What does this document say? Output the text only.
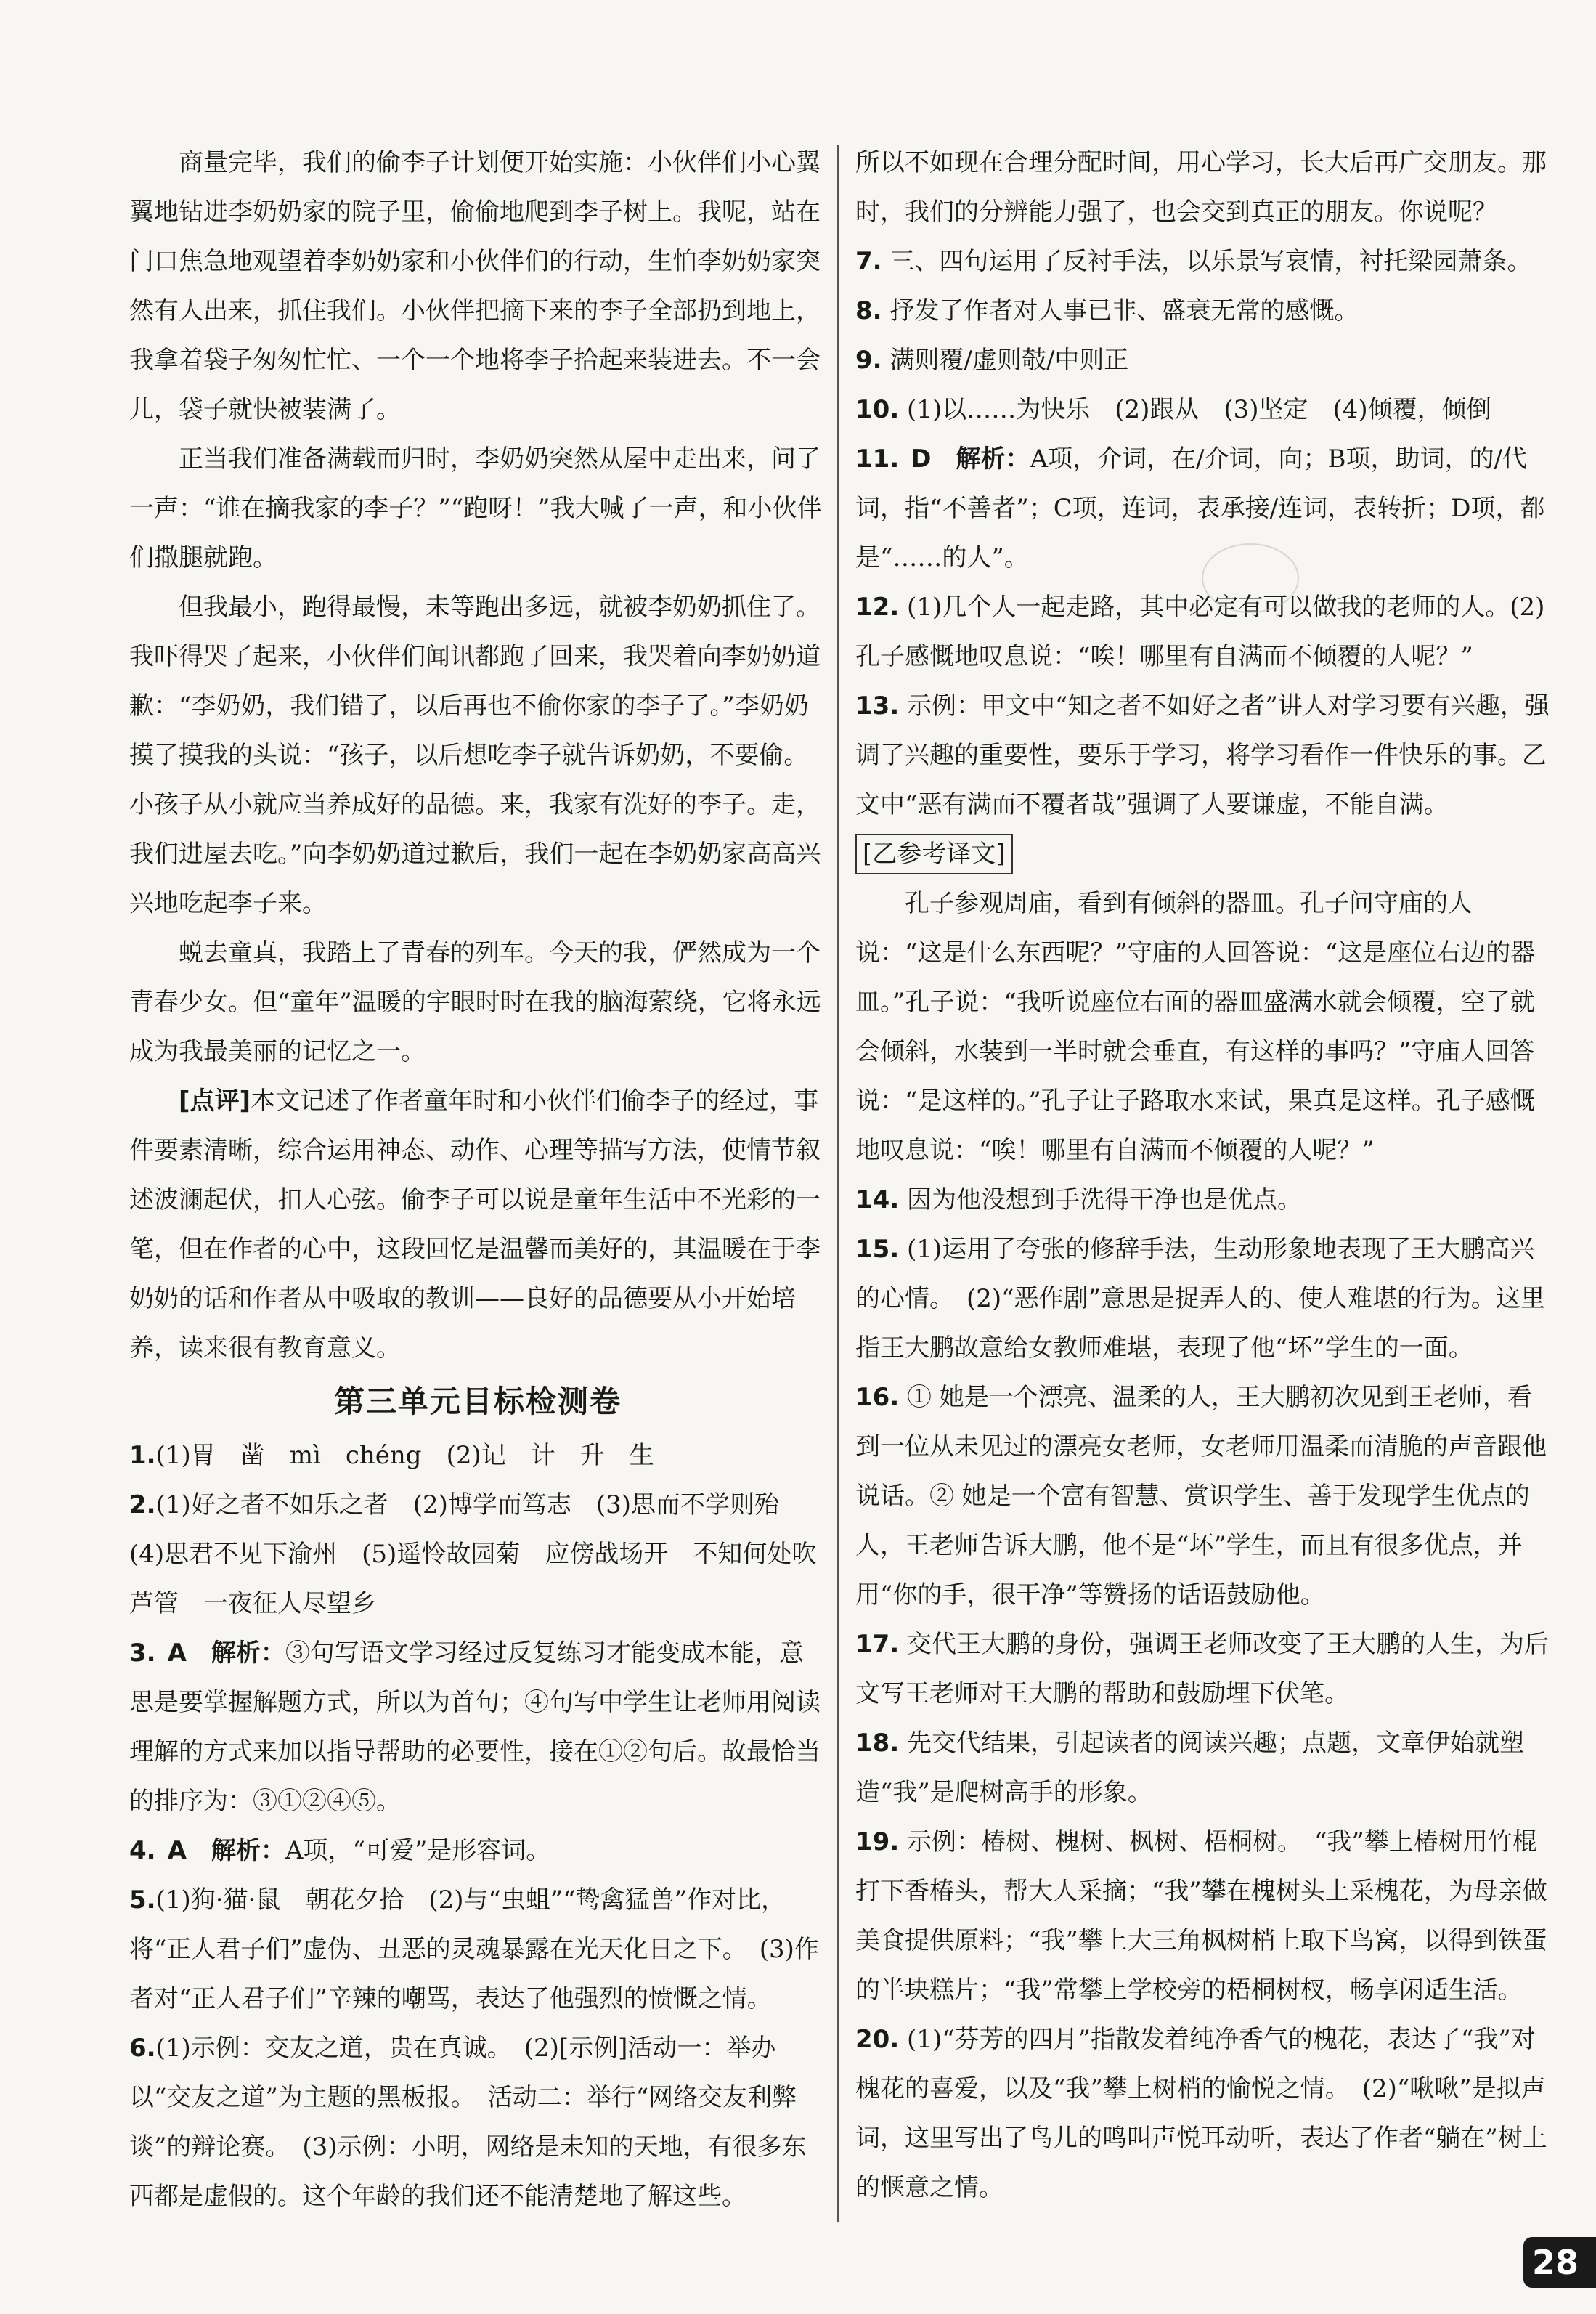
商量完毕，我们的偷李子计划便开始实施：小伙伴们小心翼翼地钻进李奶奶家的院子里，偷偷地爬到李子树上。我呢，站在门口焦急地观望着李奶奶家和小伙伴们的行动，生怕李奶奶家突然有人出来，抓住我们。小伙伴把摘下来的李子全部扔到地上，我拿着袋子匆匆忙忙、一个一个地将李子拾起来装进去。不一会儿，袋子就快被装满了。

正当我们准备满载而归时，李奶奶突然从屋中走出来，问了一声：“谁在摘我家的李子？”“跑呀！”我大喊了一声，和小伙伴们撒腿就跑。

但我最小，跑得最慢，未等跑出多远，就被李奶奶抓住了。我吓得哭了起来，小伙伴们闻讯都跑了回来，我哭着向李奶奶道歉：“李奶奶，我们错了，以后再也不偷你家的李子了。”李奶奶摸了摸我的头说：“孩子，以后想吃李子就告诉奶奶，不要偷。小孩子从小就应当养成好的品德。来，我家有洗好的李子。走，我们进屋去吃。”向李奶奶道过歉后，我们一起在李奶奶家高高兴兴地吃起李子来。

蜕去童真，我踏上了青春的列车。今天的我，俨然成为一个青春少女。但“童年”温暖的宇眼时时在我的脑海萦绕，它将永远成为我最美丽的记忆之一。

[点评]本文记述了作者童年时和小伙伴们偷李子的经过，事件要素清晰，综合运用神态、动作、心理等描写方法，使情节叙述波澜起伏，扣人心弦。偷李子可以说是童年生活中不光彩的一笔，但在作者的心中，这段回忆是温馨而美好的，其温暖在于李奶奶的话和作者从中吸取的教训——良好的品德要从小开始培养，读来很有教育意义。

第三单元目标检测卷

1.(1)胃　凿　mì　chéng　(2)记　计　升　生

2.(1)好之者不如乐之者　(2)博学而笃志　(3)思而不学则殆　(4)思君不见下渝州　(5)遥怜故园菊　应傍战场开　不知何处吹芦管　一夜征人尽望乡

3. A　解析：③句写语文学习经过反复练习才能变成本能，意思是要掌握解题方式，所以为首句；④句写中学生让老师用阅读理解的方式来加以指导帮助的必要性，接在①②句后。故最恰当的排序为：③①②④⑤。

4. A　解析：A项，“可爱”是形容词。

5.(1)狗·猫·鼠　朝花夕拾　(2)与“虫蛆”“鸷禽猛兽”作对比，将“正人君子们”虚伪、丑恶的灵魂暴露在光天化日之下。　(3)作者对“正人君子们”辛辣的嘲骂，表达了他强烈的愤慨之情。

6.(1)示例：交友之道，贵在真诚。　(2)[示例]活动一：举办以“交友之道”为主题的黑板报。　活动二：举行“网络交友利弊谈”的辩论赛。　(3)示例：小明，网络是未知的天地，有很多东西都是虚假的。这个年龄的我们还不能清楚地了解这些。

所以不如现在合理分配时间，用心学习，长大后再广交朋友。那时，我们的分辨能力强了，也会交到真正的朋友。你说呢？

7. 三、四句运用了反衬手法，以乐景写哀情，衬托梁园萧条。

8. 抒发了作者对人事已非、盛衰无常的感慨。

9. 满则覆/虚则攲/中则正

10. (1)以……为快乐　(2)跟从　(3)坚定　(4)倾覆，倾倒

11. D　解析：A项，介词，在/介词，向；B项，助词，的/代词，指“不善者”；C项，连词，表承接/连词，表转折；D项，都是“……的人”。

12. (1)几个人一起走路，其中必定有可以做我的老师的人。(2)孔子感慨地叹息说：“唉！哪里有自满而不倾覆的人呢？”

13. 示例：甲文中“知之者不如好之者”讲人对学习要有兴趣，强调了兴趣的重要性，要乐于学习，将学习看作一件快乐的事。乙文中“恶有满而不覆者哉”强调了人要谦虚，不能自满。

[乙参考译文]

孔子参观周庙，看到有倾斜的器皿。孔子问守庙的人说：“这是什么东西呢？”守庙的人回答说：“这是座位右边的器皿。”孔子说：“我听说座位右面的器皿盛满水就会倾覆，空了就会倾斜，水装到一半时就会垂直，有这样的事吗？”守庙人回答说：“是这样的。”孔子让子路取水来试，果真是这样。孔子感慨地叹息说：“唉！哪里有自满而不倾覆的人呢？”

14. 因为他没想到手洗得干净也是优点。

15. (1)运用了夸张的修辞手法，生动形象地表现了王大鹏高兴的心情。　(2)“恶作剧”意思是捉弄人的、使人难堪的行为。这里指王大鹏故意给女教师难堪，表现了他“坏”学生的一面。

16. ① 她是一个漂亮、温柔的人，王大鹏初次见到王老师，看到一位从未见过的漂亮女老师，女老师用温柔而清脆的声音跟他说话。② 她是一个富有智慧、赏识学生、善于发现学生优点的人，王老师告诉大鹏，他不是“坏”学生，而且有很多优点，并用“你的手，很干净”等赞扬的话语鼓励他。

17. 交代王大鹏的身份，强调王老师改变了王大鹏的人生，为后文写王老师对王大鹏的帮助和鼓励埋下伏笔。

18. 先交代结果，引起读者的阅读兴趣；点题，文章伊始就塑造“我”是爬树高手的形象。

19. 示例：椿树、槐树、枫树、梧桐树。　“我”攀上椿树用竹棍打下香椿头，帮大人采摘；“我”攀在槐树头上采槐花，为母亲做美食提供原料；“我”攀上大三角枫树梢上取下鸟窝，以得到铁蛋的半块糕片；“我”常攀上学校旁的梧桐树杈，畅享闲适生活。

20. (1)“芬芳的四月”指散发着纯净香气的槐花，表达了“我”对槐花的喜爱，以及“我”攀上树梢的愉悦之情。　(2)“啾啾”是拟声词，这里写出了鸟儿的鸣叫声悦耳动听，表达了作者“躺在”树上的惬意之情。

28
